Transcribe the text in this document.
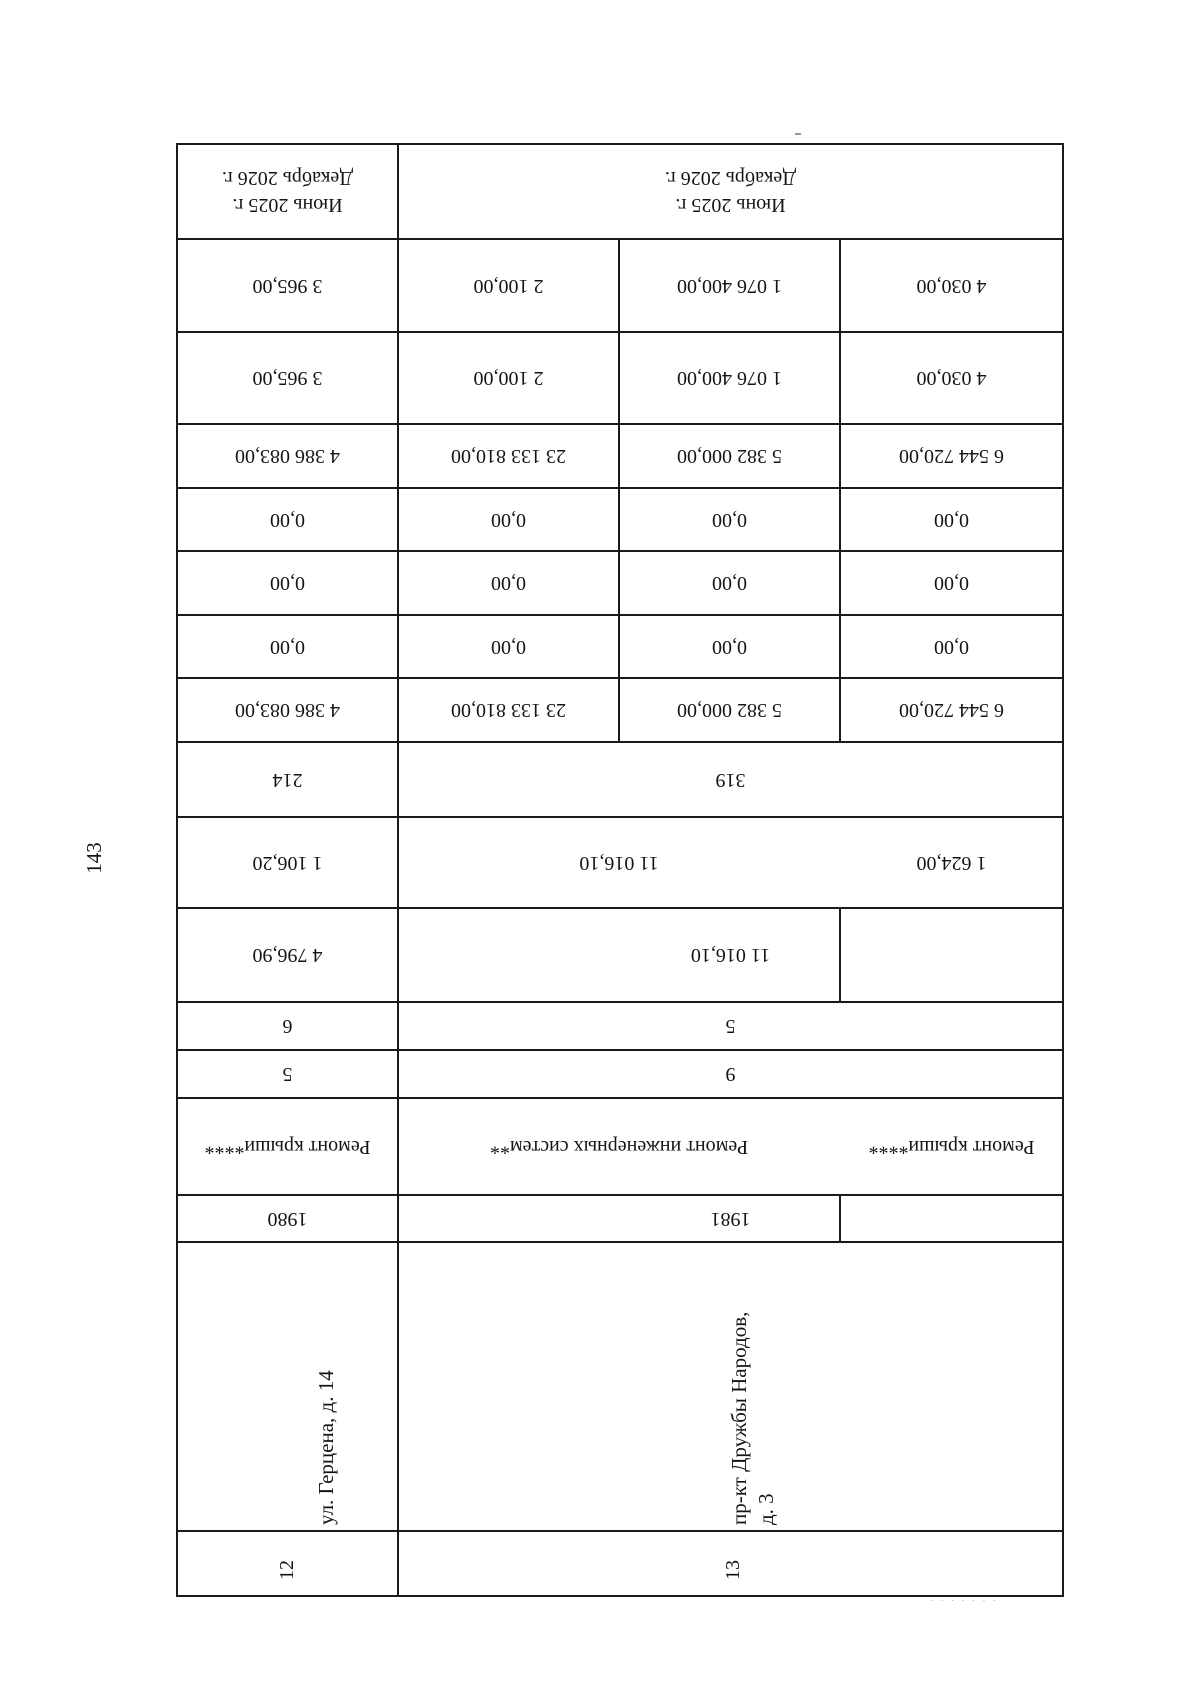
143
Июнь 2025 г.
Декабрь 2026 г.
Июнь 2025 г.
Декабрь 2026 г.
3 965,00	2 100,00	1 076 400,00	4 030,00
3 965,00	2 100,00	1 076 400,00	4 030,00
4 386 083,00	23 133 810,00	5 382 000,00	6 544 720,00
0,00	0,00	0,00	0,00
0,00	0,00	0,00	0,00
0,00	0,00	0,00	0,00
4 386 083,00	23 133 810,00	5 382 000,00	6 544 720,00
214	319
1 106,20	11 016,10	1 624,00
4 796,90	11 016,10
6	5
5	9
Ремонт крыши****	Ремонт инженерных систем**	Ремонт крыши****
1980	1981
ул. Герцена, д. 14	пр-кт Дружбы Народов, д. 3
12	13
· · · · · · ·
